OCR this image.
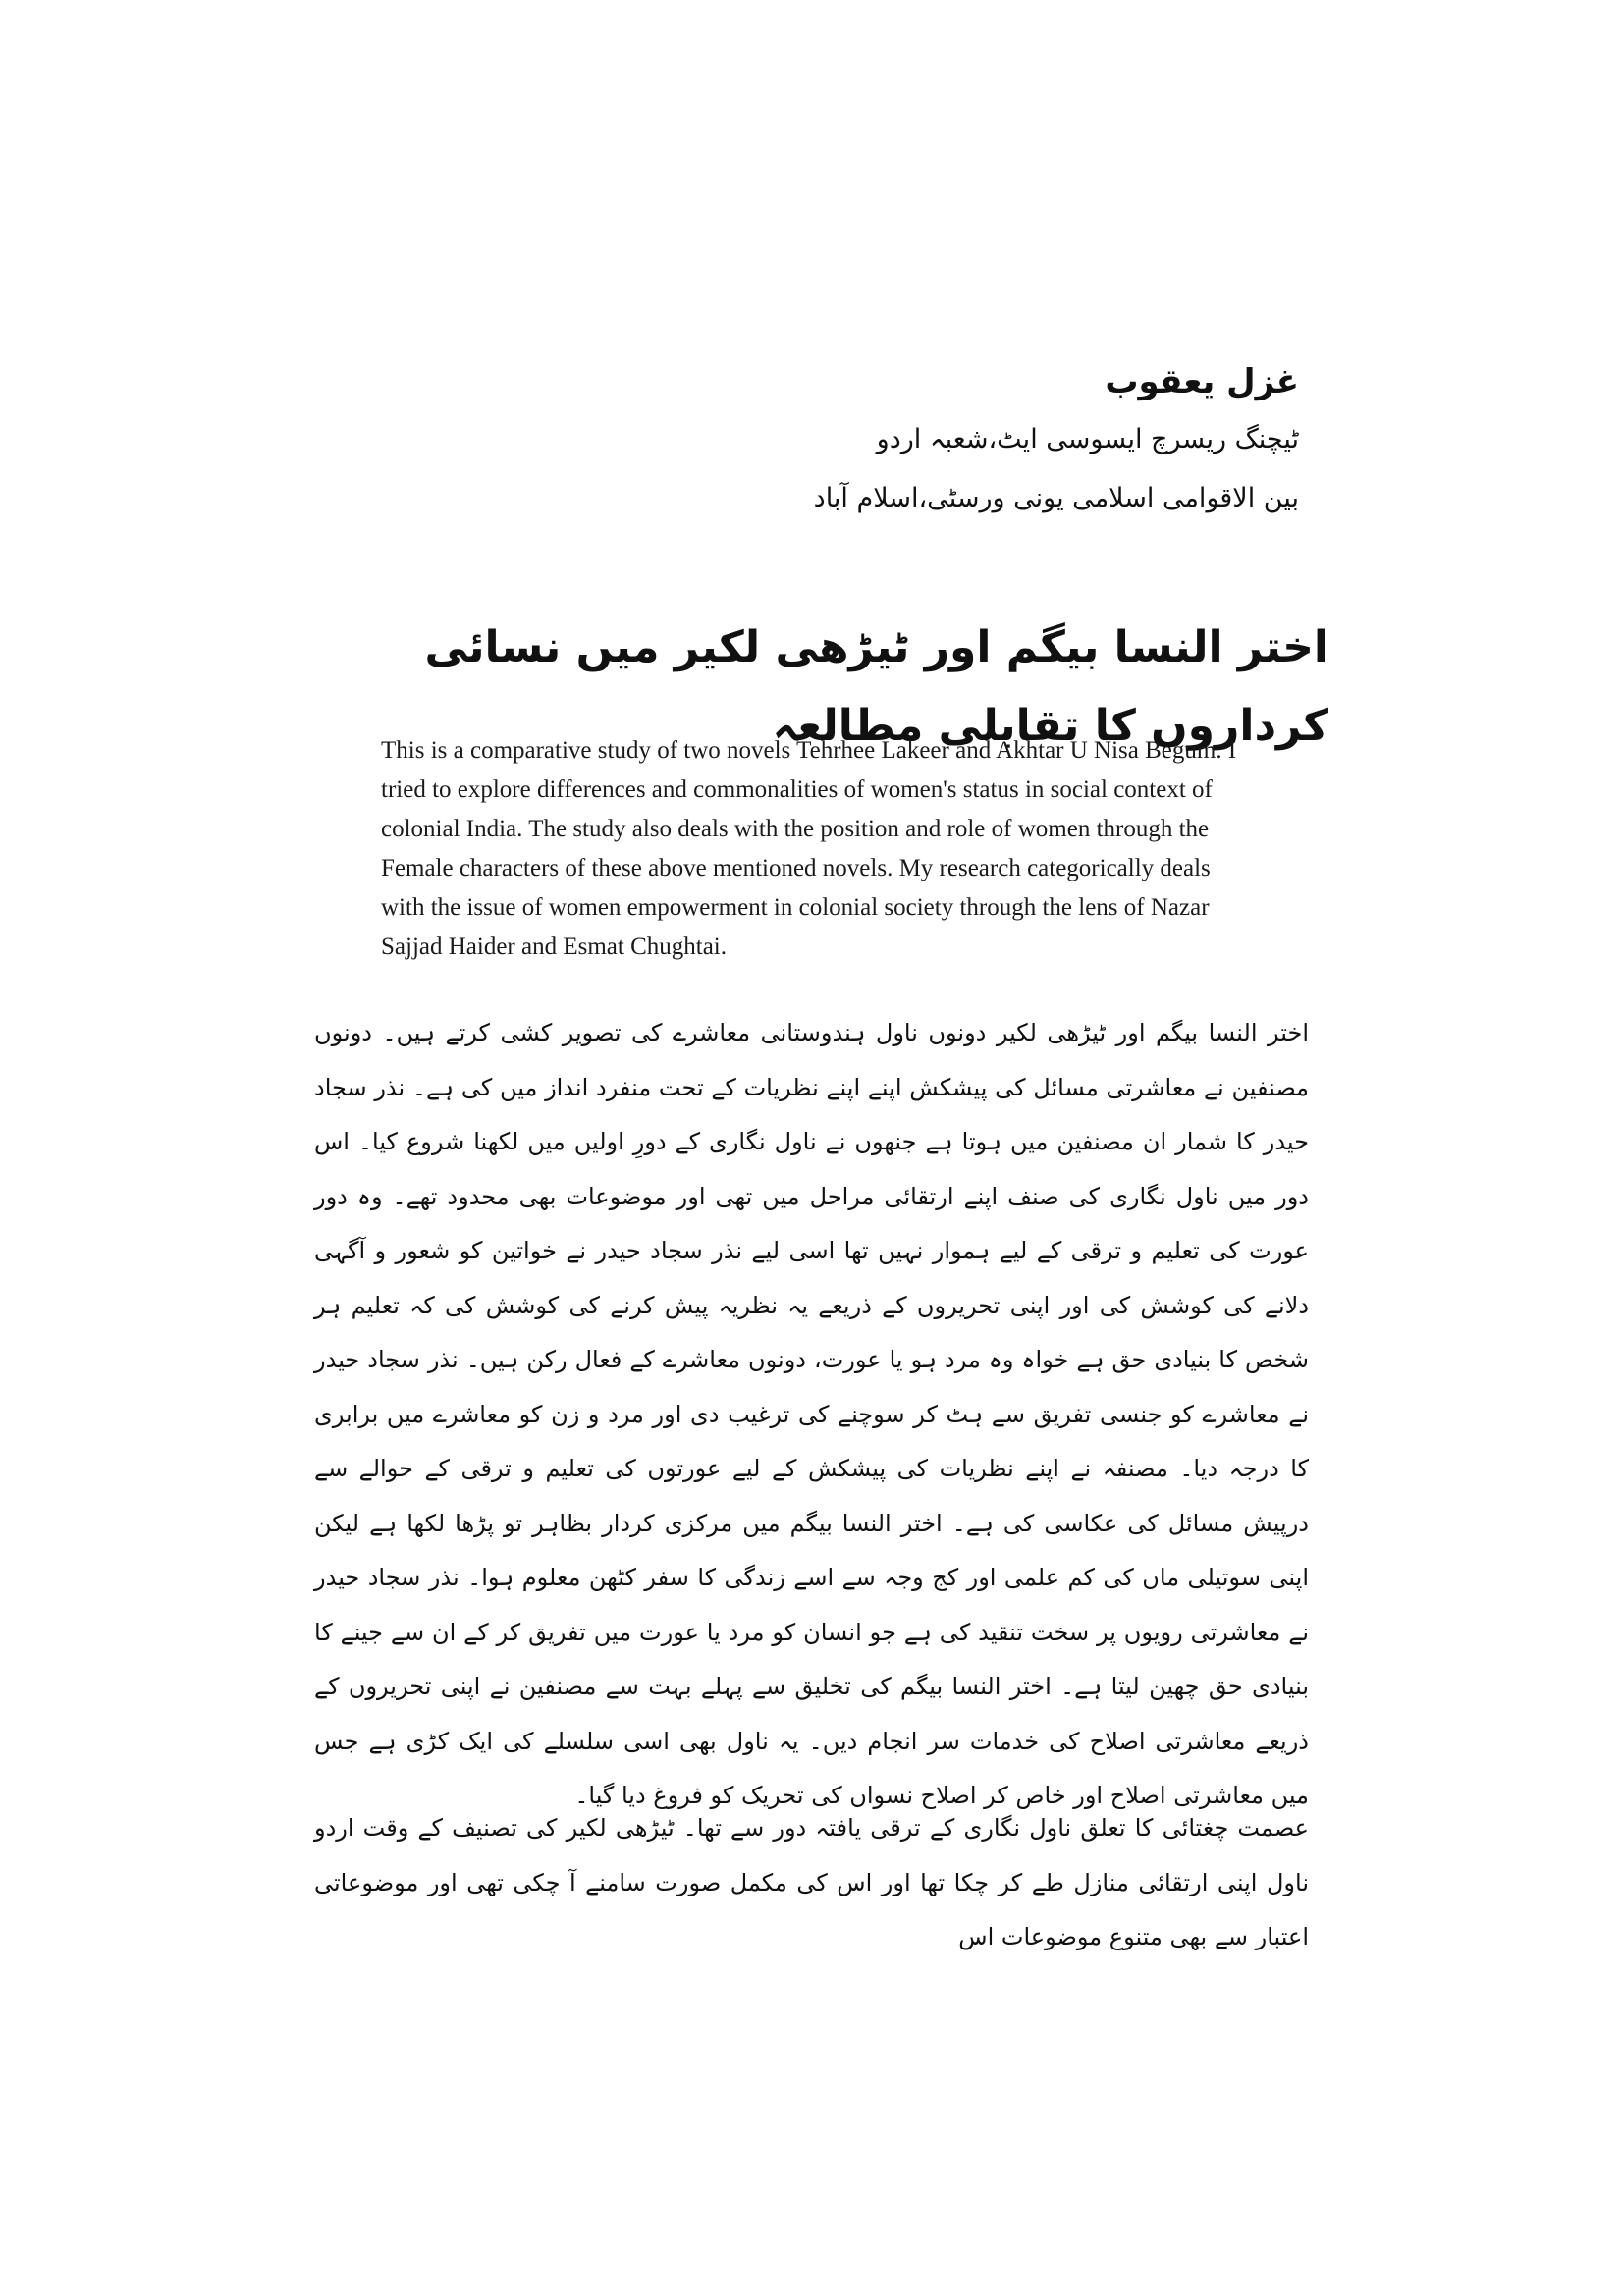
غزل یعقوب

ٹیچنگ ریسرچ ایسوسی ایٹ،شعبہ اردو

بین الاقوامی اسلامی یونی ورسٹی،اسلام آباد

اختر النسا بیگم اور ٹیڑھی لکیر میں نسائی کرداروں کا تقابلی مطالعہ

This is a comparative study of two novels Tehrhee Lakeer and Akhtar U Nisa Begum. I tried to explore differences and commonalities of women's status in social context of colonial India. The study also deals with the position and role of women through the Female characters of these above mentioned novels. My research categorically deals with the issue of women empowerment in colonial society through the lens of Nazar Sajjad Haider and Esmat Chughtai.

اختر النسا بیگم اور ٹیڑھی لکیر دونوں ناول ہندوستانی معاشرے کی تصویر کشی کرتے ہیں۔ دونوں مصنفین نے معاشرتی مسائل کی پیشکش اپنے اپنے نظریات کے تحت منفرد انداز میں کی ہے۔ نذر سجاد حیدر کا شمار ان مصنفین میں ہوتا ہے جنھوں نے ناول نگاری کے دورِ اولیں میں لکھنا شروع کیا۔ اس دور میں ناول نگاری کی صنف اپنے ارتقائی مراحل میں تھی اور موضوعات بھی محدود تھے۔ وہ دور عورت کی تعلیم و ترقی کے لیے ہموار نہیں تھا اسی لیے نذر سجاد حیدر نے خواتین کو شعور و آگہی دلانے کی کوشش کی اور اپنی تحریروں کے ذریعے یہ نظریہ پیش کرنے کی کوشش کی کہ تعلیم ہر شخص کا بنیادی حق ہے خواہ وہ مرد ہو یا عورت، دونوں معاشرے کے فعال رکن ہیں۔ نذر سجاد حیدر نے معاشرے کو جنسی تفریق سے ہٹ کر سوچنے کی ترغیب دی اور مرد و زن کو معاشرے میں برابری کا درجہ دیا۔ مصنفہ نے اپنے نظریات کی پیشکش کے لیے عورتوں کی تعلیم و ترقی کے حوالے سے درپیش مسائل کی عکاسی کی ہے۔ اختر النسا بیگم میں مرکزی کردار بظاہر تو پڑھا لکھا ہے لیکن اپنی سوتیلی ماں کی کم علمی اور کج وجہ سے اسے زندگی کا سفر کٹھن معلوم ہوا۔ نذر سجاد حیدر نے معاشرتی رویوں پر سخت تنقید کی ہے جو انسان کو مرد یا عورت میں تفریق کر کے ان سے جینے کا بنیادی حق چھین لیتا ہے۔ اختر النسا بیگم کی تخلیق سے پہلے بہت سے مصنفین نے اپنی تحریروں کے ذریعے معاشرتی اصلاح کی خدمات سر انجام دیں۔ یہ ناول بھی اسی سلسلے کی ایک کڑی ہے جس میں معاشرتی اصلاح اور خاص کر اصلاح نسواں کی تحریک کو فروغ دیا گیا۔

عصمت چغتائی کا تعلق ناول نگاری کے ترقی یافتہ دور سے تھا۔ ٹیڑھی لکیر کی تصنیف کے وقت اردو ناول اپنی ارتقائی منازل طے کر چکا تھا اور اس کی مکمل صورت سامنے آ چکی تھی اور موضوعاتی اعتبار سے بھی متنوع موضوعات اس
